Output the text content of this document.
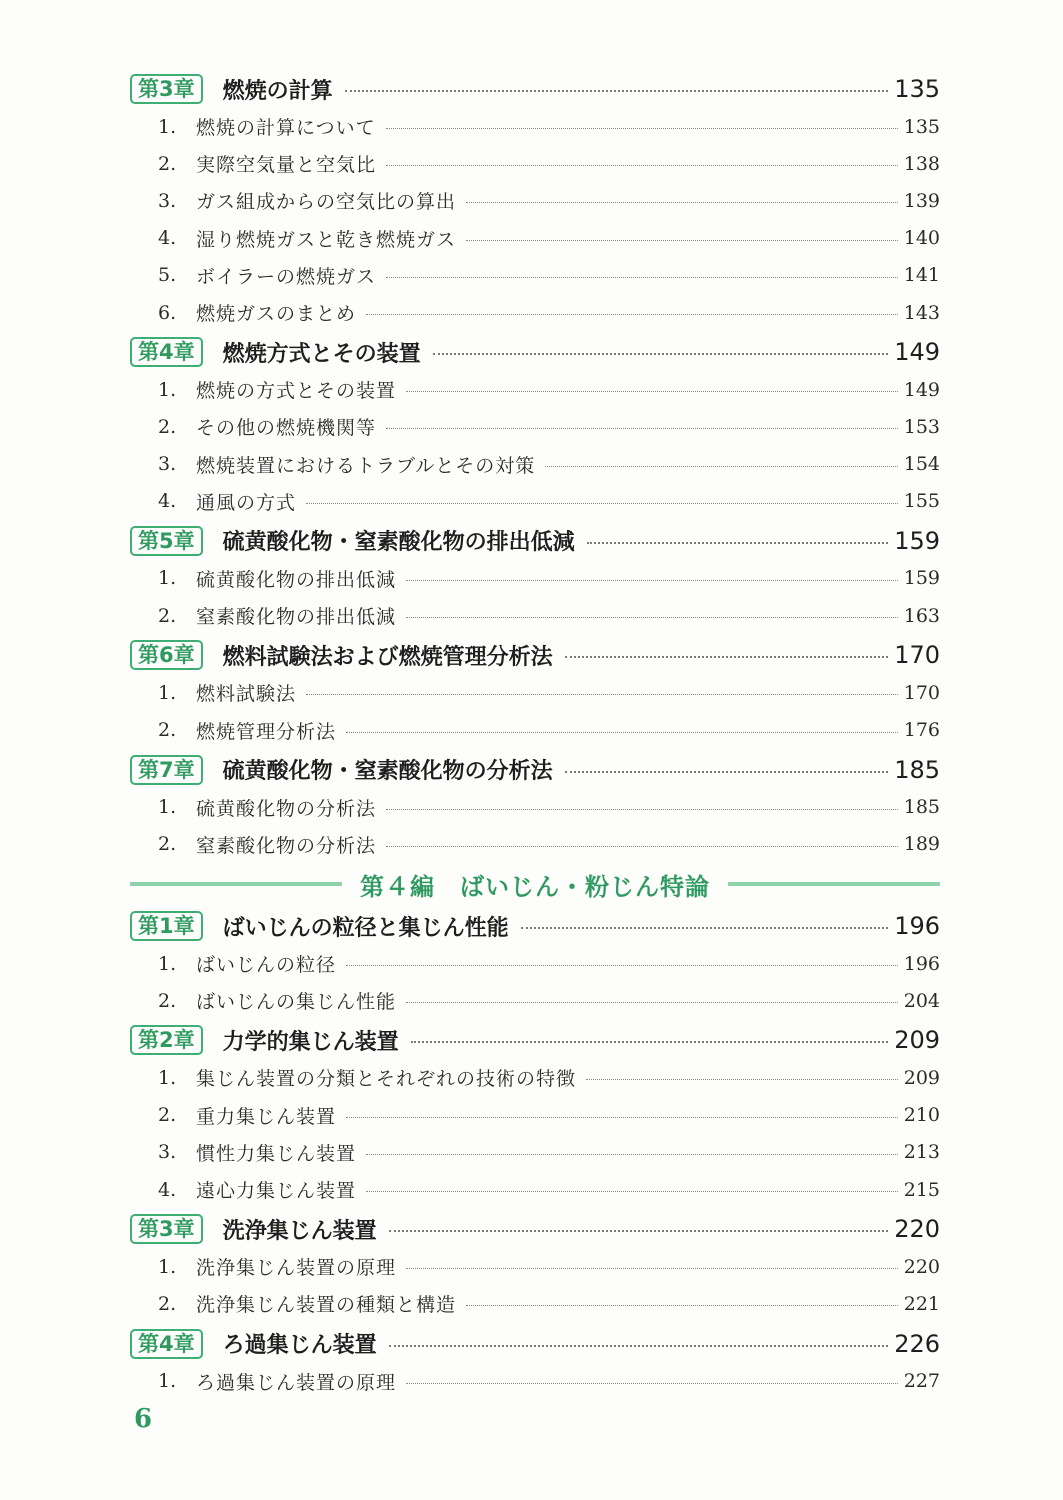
第3章	燃焼の計算	135
1.	燃焼の計算について	135
2.	実際空気量と空気比	138
3.	ガス組成からの空気比の算出	139
4.	湿り燃焼ガスと乾き燃焼ガス	140
5.	ボイラーの燃焼ガス	141
6.	燃焼ガスのまとめ	143
第4章	燃焼方式とその装置	149
1.	燃焼の方式とその装置	149
2.	その他の燃焼機関等	153
3.	燃焼装置におけるトラブルとその対策	154
4.	通風の方式	155
第5章	硫黄酸化物・窒素酸化物の排出低減	159
1.	硫黄酸化物の排出低減	159
2.	窒素酸化物の排出低減	163
第6章	燃料試験法および燃焼管理分析法	170
1.	燃料試験法	170
2.	燃焼管理分析法	176
第7章	硫黄酸化物・窒素酸化物の分析法	185
1.	硫黄酸化物の分析法	185
2.	窒素酸化物の分析法	189
第４編　ばいじん・粉じん特論
第1章	ばいじんの粒径と集じん性能	196
1.	ばいじんの粒径	196
2.	ばいじんの集じん性能	204
第2章	力学的集じん装置	209
1.	集じん装置の分類とそれぞれの技術の特徴	209
2.	重力集じん装置	210
3.	慣性力集じん装置	213
4.	遠心力集じん装置	215
第3章	洗浄集じん装置	220
1.	洗浄集じん装置の原理	220
2.	洗浄集じん装置の種類と構造	221
第4章	ろ過集じん装置	226
1.	ろ過集じん装置の原理	227
6
